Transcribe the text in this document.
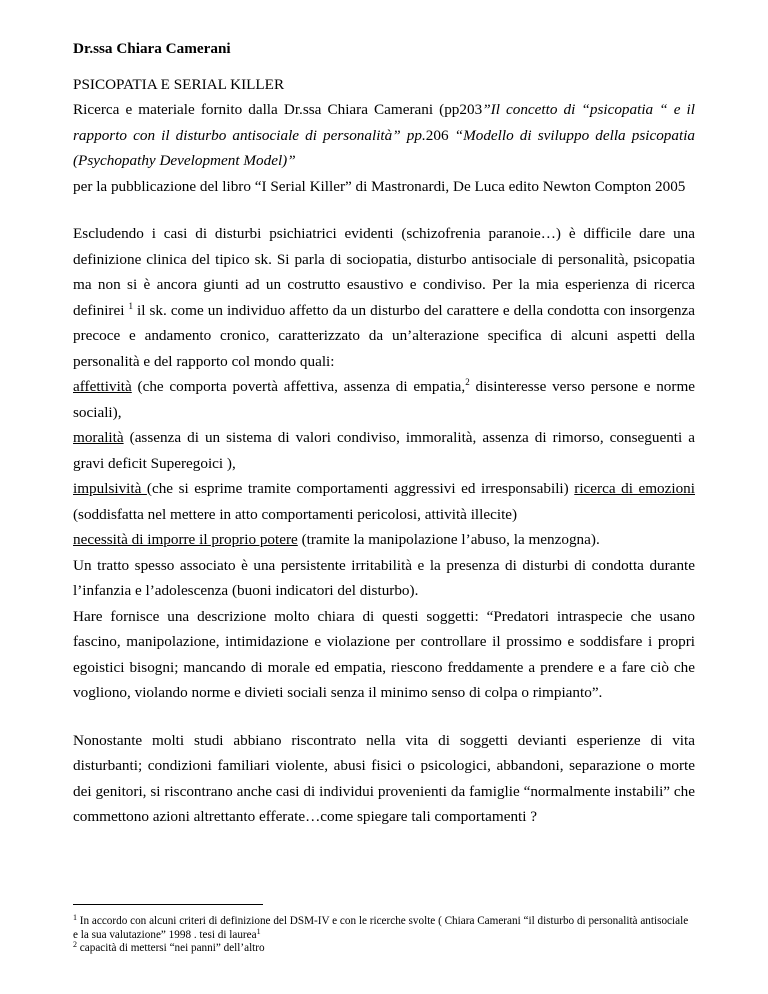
Dr.ssa Chiara Camerani

PSICOPATIA E SERIAL KILLER

Ricerca e materiale fornito dalla Dr.ssa Chiara Camerani (pp203”Il concetto di “psicopatia “ e il rapporto con il disturbo antisociale di personalità” pp.206 “Modello di sviluppo della psicopatia (Psychopathy Development Model)”

per la pubblicazione del libro “I Serial Killer” di Mastronardi, De Luca edito Newton Compton 2005

Escludendo i casi di disturbi psichiatrici evidenti (schizofrenia paranoie…) è difficile dare una definizione clinica del tipico sk. Si parla di sociopatia, disturbo antisociale di personalità, psicopatia ma non si è ancora giunti ad un costrutto esaustivo e condiviso. Per la mia esperienza di ricerca definirei $^1$ il sk. come un individuo affetto da un disturbo del carattere e della condotta con insorgenza precoce e andamento cronico, caratterizzato da un’alterazione specifica di alcuni aspetti della personalità e del rapporto col mondo quali:

affettività (che comporta povertà affettiva, assenza di empatia,$^2$ disinteresse verso persone e norme sociali),

moralità (assenza di un sistema di valori condiviso, immoralità, assenza di rimorso, conseguenti a gravi deficit Superegoici ),

impulsività (che si esprime tramite comportamenti aggressivi ed irresponsabili) ricerca di emozioni (soddisfatta nel mettere in atto comportamenti pericolosi, attività illecite)

necessità di imporre il proprio potere (tramite la manipolazione l’abuso, la menzogna).

Un tratto spesso associato è una persistente irritabilità e la presenza di disturbi di condotta durante l’infanzia e l’adolescenza (buoni indicatori del disturbo).

Hare fornisce una descrizione molto chiara di questi soggetti: “Predatori intraspecie che usano fascino, manipolazione, intimidazione e violazione per controllare il prossimo e soddisfare i propri egoistici bisogni; mancando di morale ed empatia, riescono freddamente a prendere e a fare ciò che vogliono, violando norme e divieti sociali senza il minimo senso di colpa o rimpianto”.

Nonostante molti studi abbiano riscontrato nella vita di soggetti devianti esperienze di vita disturbanti; condizioni familiari violente, abusi fisici o psicologici, abbandoni, separazione o morte dei genitori, si riscontrano anche casi di individui provenienti da famiglie “normalmente instabili” che commettono azioni altrettanto efferate…come spiegare tali comportamenti ?

$^1$ In accordo con alcuni criteri di definizione del DSM-IV e con le ricerche svolte ( Chiara Camerani “il disturbo di personalità antisociale e la sua valutazione” 1998 . tesi di laurea$^1$

$^2$ capacità di mettersi “nei panni” dell’altro
